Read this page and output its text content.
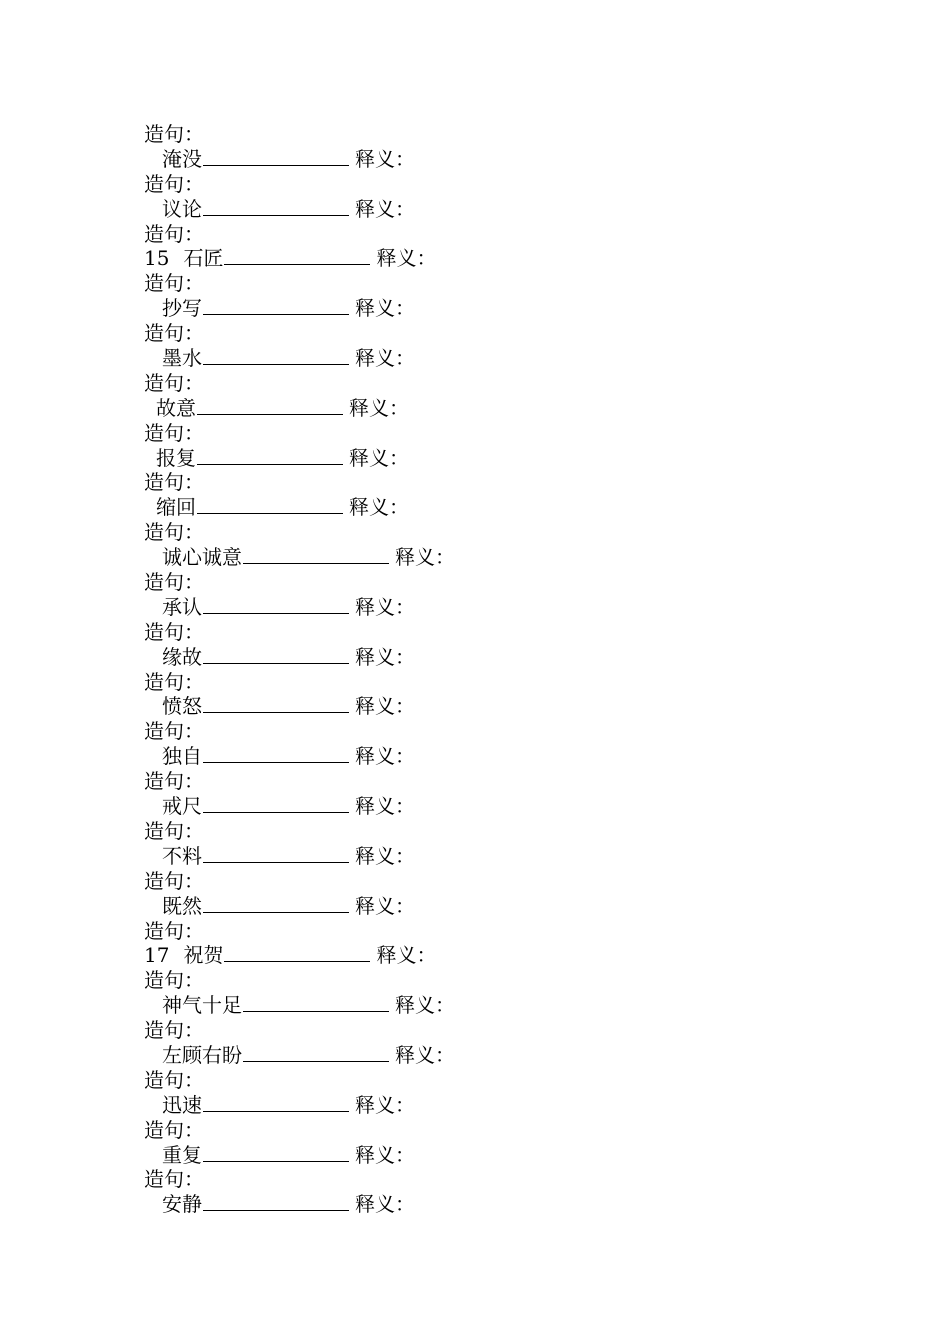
造句：
淹没	释义：
造句：
议论	释义：
造句：
15 石匠	释义：
造句：
抄写	释义：
造句：
墨水	释义：
造句：
故意	释义：
造句：
报复	释义：
造句：
缩回	释义：
造句：
诚心诚意	释义：
造句：
承认	释义：
造句：
缘故	释义：
造句：
愤怒	释义：
造句：
独自	释义：
造句：
戒尺	释义：
造句：
不料	释义：
造句：
既然	释义：
造句：
17 祝贺	释义：
造句：
神气十足	释义：
造句：
左顾右盼	释义：
造句：
迅速	释义：
造句：
重复	释义：
造句：
安静	释义：
